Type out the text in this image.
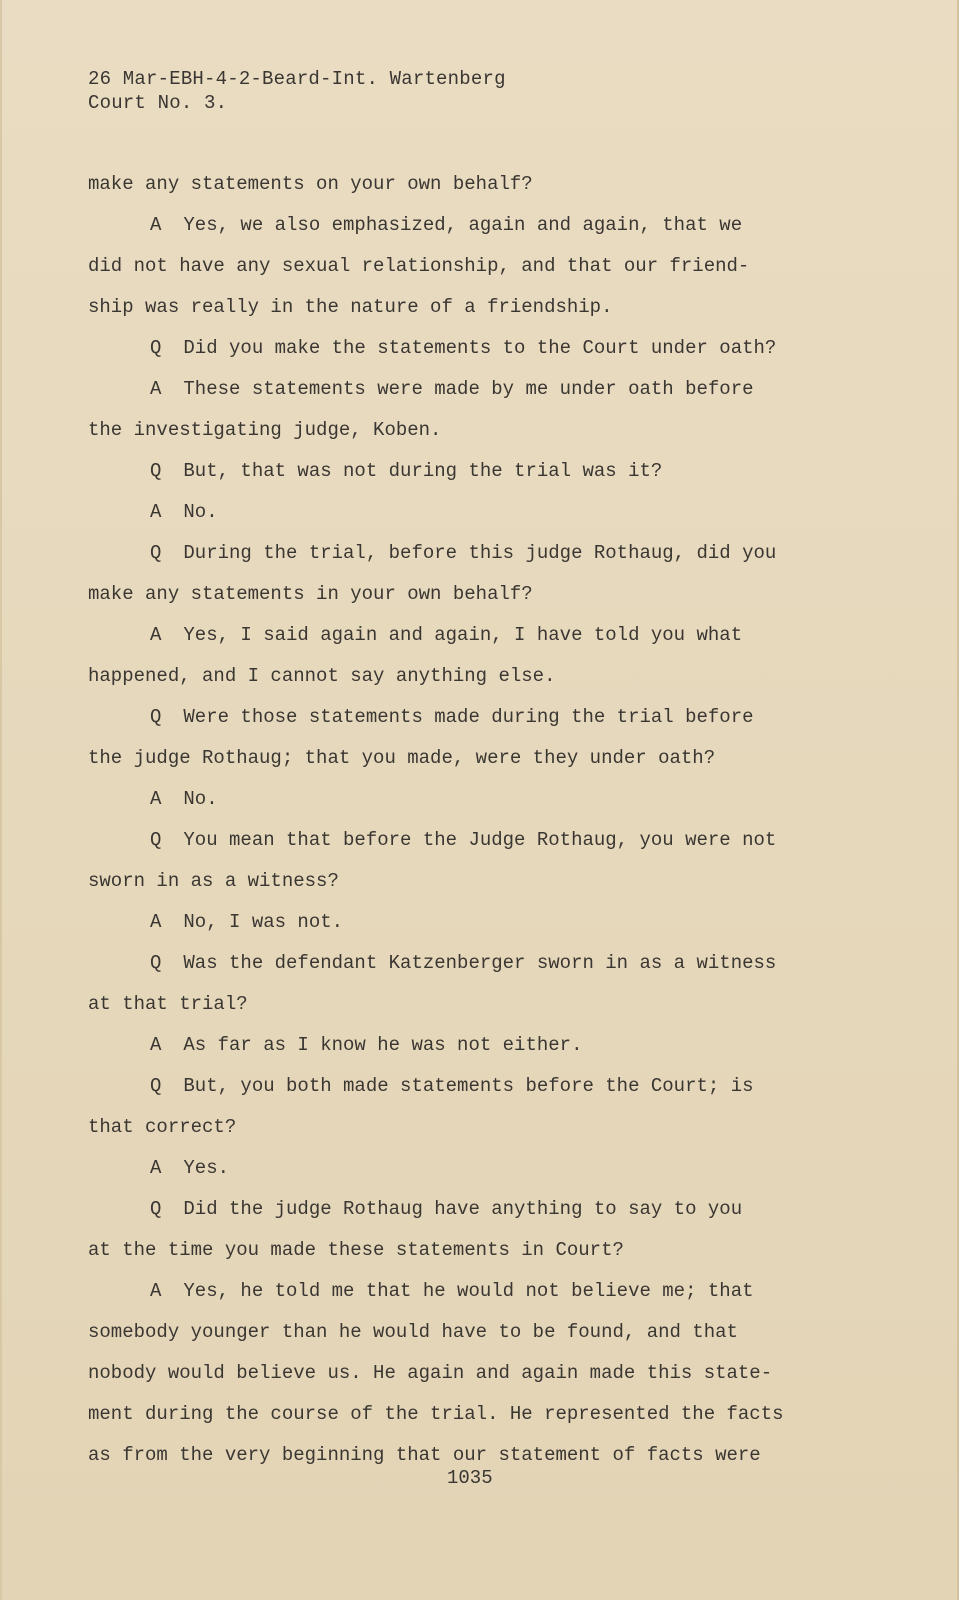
26 Mar-EBH-4-2-Beard-Int. Wartenberg
Court No. 3.
make any statements on your own behalf?
A Yes, we also emphasized, again and again, that we
did not have any sexual relationship, and that our friend-
ship was really in the nature of a friendship.
Q Did you make the statements to the Court under oath?
A These statements were made by me under oath before
the investigating judge, Koben.
Q But, that was not during the trial was it?
A No.
Q During the trial, before this judge Rothaug, did you
make any statements in your own behalf?
A Yes, I said again and again, I have told you what
happened, and I cannot say anything else.
Q Were those statements made during the trial before
the judge Rothaug; that you made, were they under oath?
A No.
Q You mean that before the Judge Rothaug, you were not
sworn in as a witness?
A No, I was not.
Q Was the defendant Katzenberger sworn in as a witness
at that trial?
A As far as I know he was not either.
Q But, you both made statements before the Court; is
that correct?
A Yes.
Q Did the judge Rothaug have anything to say to you
at the time you made these statements in Court?
A Yes, he told me that he would not believe me; that
somebody younger than he would have to be found, and that
nobody would believe us. He again and again made this state-
ment during the course of the trial. He represented the facts
as from the very beginning that our statement of facts were
1035
